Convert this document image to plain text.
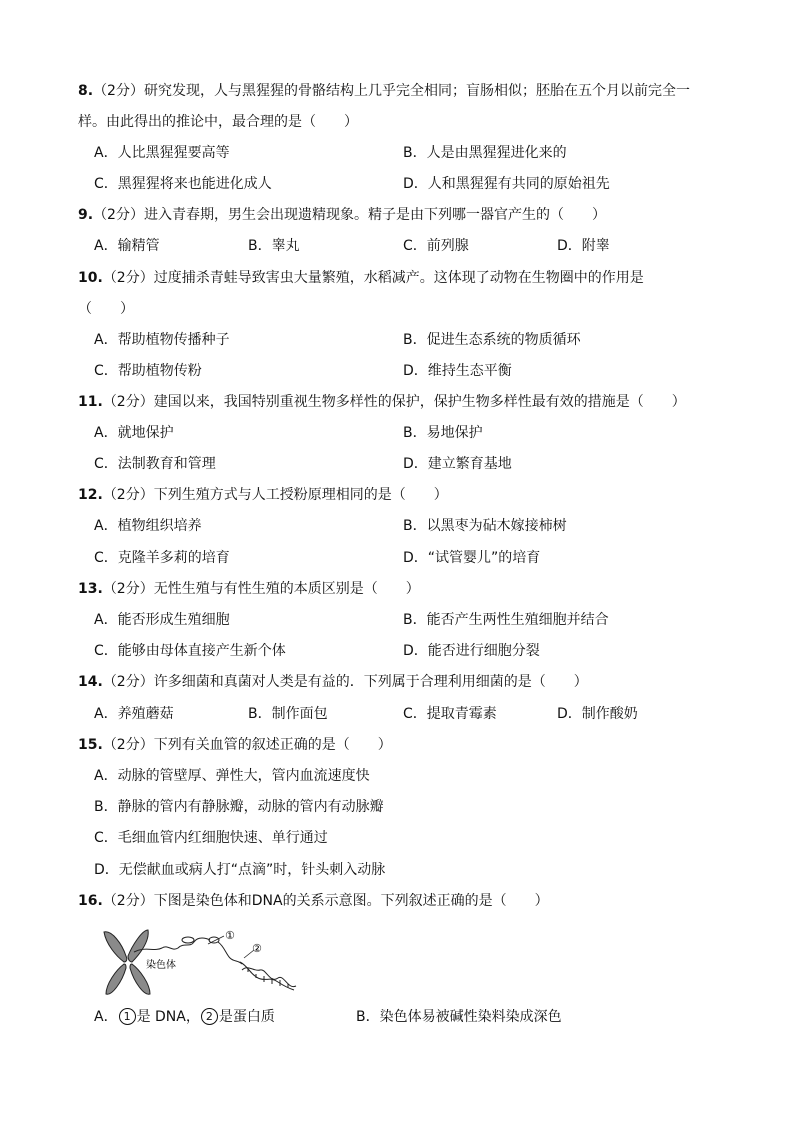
8.（2分）研究发现，人与黑猩猩的骨骼结构上几乎完全相同；盲肠相似；胚胎在五个月以前完全一
样。由此得出的推论中，最合理的是（　　）
A．人比黑猩猩要高等	B．人是由黑猩猩进化来的
C．黑猩猩将来也能进化成人	D．人和黑猩猩有共同的原始祖先
9.（2分）进入青春期，男生会出现遗精现象。精子是由下列哪一器官产生的（　　）
A．输精管	B．睾丸	C．前列腺	D．附睾
10.（2分）过度捕杀青蛙导致害虫大量繁殖，水稻减产。这体现了动物在生物圈中的作用是
（　　）
A．帮助植物传播种子	B．促进生态系统的物质循环
C．帮助植物传粉	D．维持生态平衡
11.（2分）建国以来，我国特别重视生物多样性的保护，保护生物多样性最有效的措施是（　　）
A．就地保护	B．易地保护
C．法制教育和管理	D．建立繁育基地
12.（2分）下列生殖方式与人工授粉原理相同的是（　　）
A．植物组织培养	B．以黑枣为砧木嫁接柿树
C．克隆羊多莉的培育	D．“试管婴儿”的培育
13.（2分）无性生殖与有性生殖的本质区别是（　　）
A．能否形成生殖细胞	B．能否产生两性生殖细胞并结合
C．能够由母体直接产生新个体	D．能否进行细胞分裂
14.（2分）许多细菌和真菌对人类是有益的．下列属于合理利用细菌的是（　　）
A．养殖蘑菇	B．制作面包	C．提取青霉素	D．制作酸奶
15.（2分）下列有关血管的叙述正确的是（　　）
A．动脉的管壁厚、弹性大，管内血流速度快
B．静脉的管内有静脉瓣，动脉的管内有动脉瓣
C．毛细血管内红细胞快速、单行通过
D．无偿献血或病人打“点滴”时，针头刺入动脉
16.（2分）下图是染色体和DNA的关系示意图。下列叙述正确的是（　　）
①
②
染色体
A． 1 是 DNA， 2 是蛋白质	B．染色体易被碱性染料染成深色
